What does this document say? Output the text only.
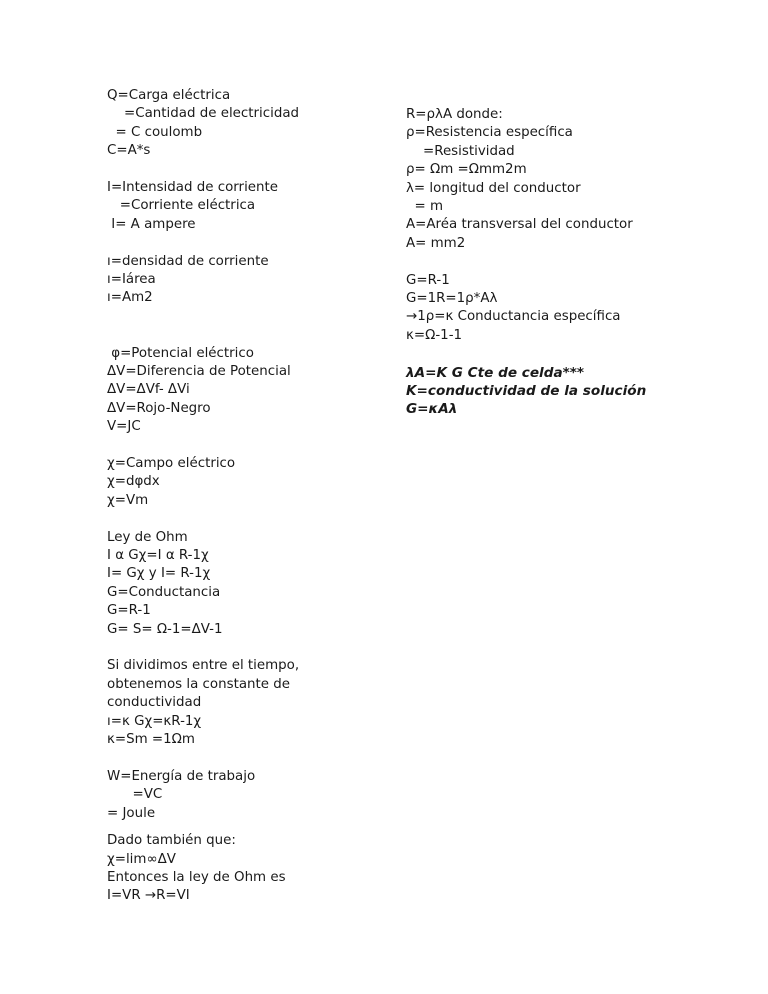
Q=Carga eléctrica

=Cantidad de electricidad

= C coulomb

C=A*s

I=Intensidad de corriente

=Corriente eléctrica

I= A ampere

ı=densidad de corriente

ı=Iárea

ı=Am2

φ=Potencial eléctrico

ΔV=Diferencia de Potencial

ΔV=ΔVf- ΔVi

ΔV=Rojo-Negro

V=JC

χ=Campo eléctrico

χ=dφdx

χ=Vm

Ley de Ohm

I α Gχ=I α R-1χ

I= Gχ y I= R-1χ

G=Conductancia

G=R-1

G= S= Ω-1=ΔV-1

Si dividimos entre el tiempo,

obtenemos la constante de

conductividad

ı=κ Gχ=κR-1χ

κ=Sm =1Ωm

W=Energía de trabajo

=VC

= Joule

Dado también que:

χ=lim∞ΔV

Entonces la ley de Ohm es

I=VR →R=VI

R=ρλA donde:

ρ=Resistencia específica

=Resistividad

ρ= Ωm =Ωmm2m

λ= longitud del conductor

= m

A=Aréa transversal del conductor

A= mm2

G=R-1

G=1R=1ρ*Aλ

→1ρ=κ Conductancia específica

κ=Ω-1-1

λA=K G Cte de celda***

K=conductividad de la solución

G=κAλ
